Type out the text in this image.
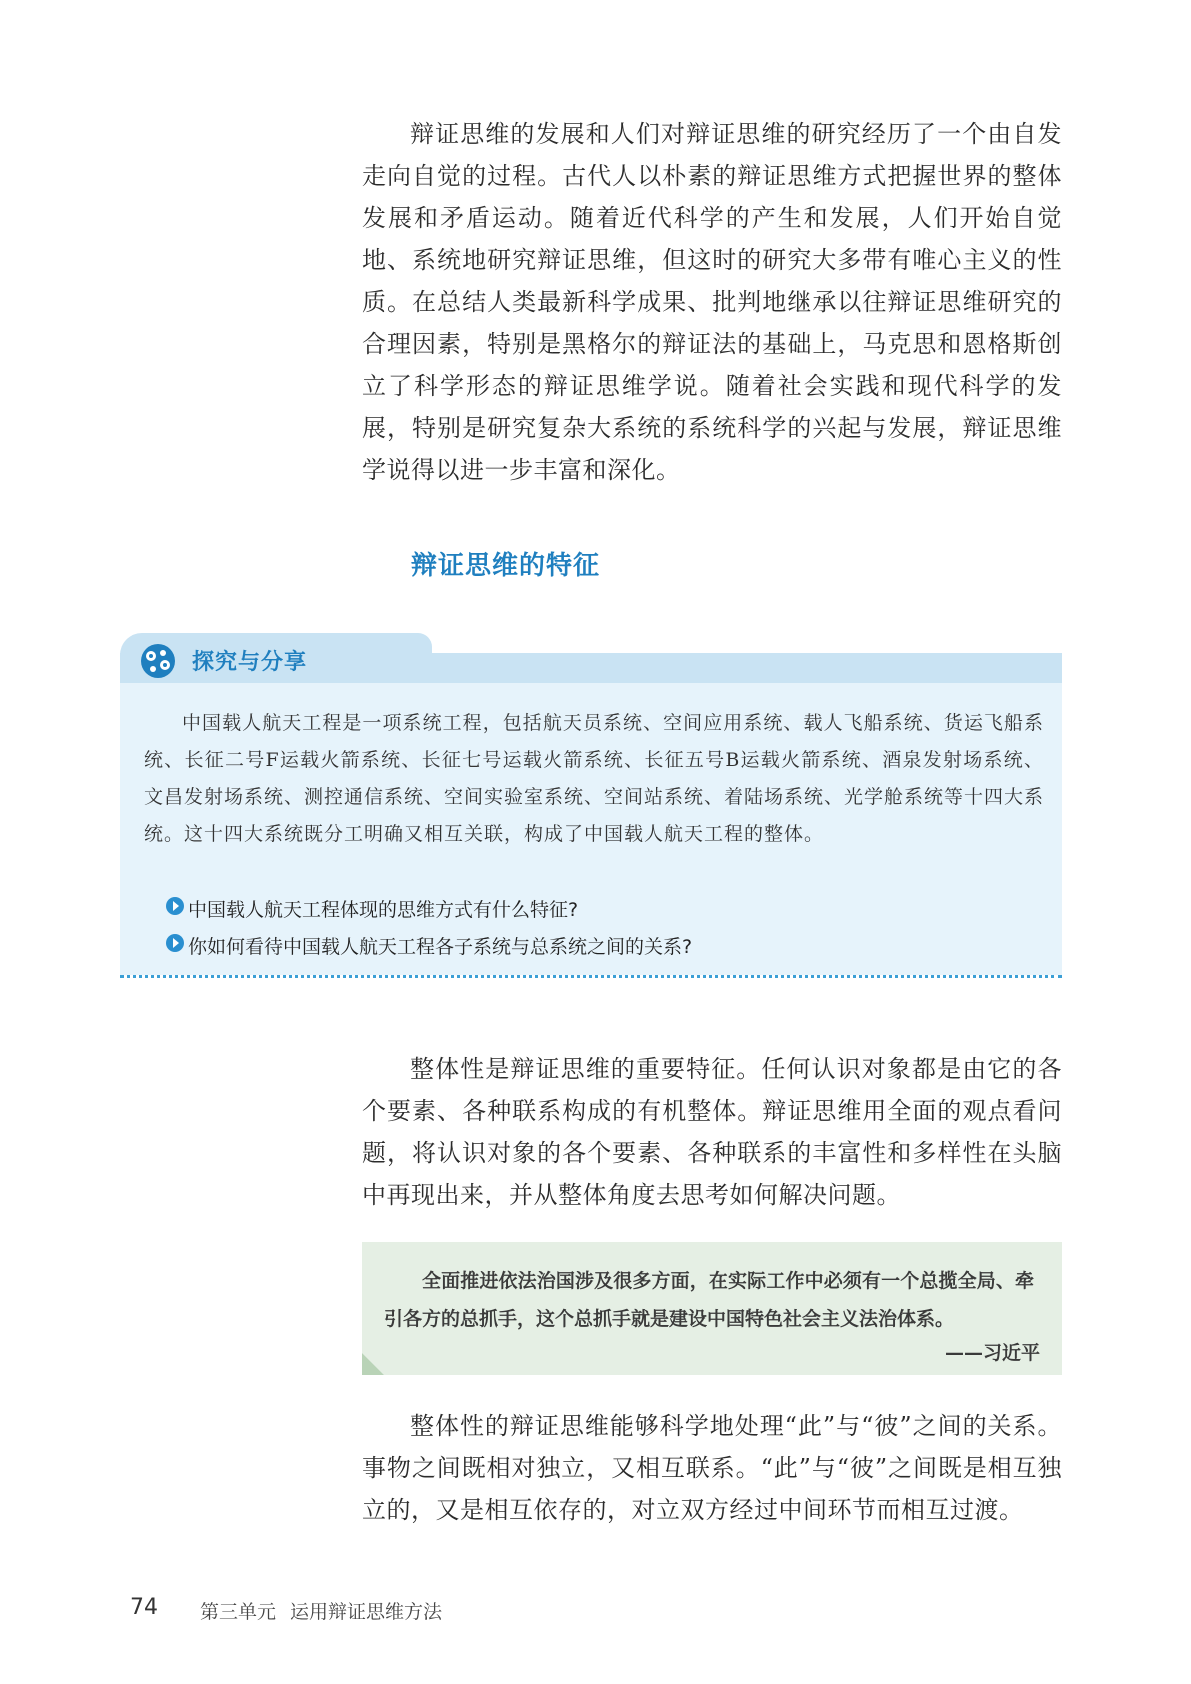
辩证思维的发展和人们对辩证思维的研究经历了一个由自发走向自觉的过程。古代人以朴素的辩证思维方式把握世界的整体发展和矛盾运动。随着近代科学的产生和发展，人们开始自觉地、系统地研究辩证思维，但这时的研究大多带有唯心主义的性质。在总结人类最新科学成果、批判地继承以往辩证思维研究的合理因素，特别是黑格尔的辩证法的基础上，马克思和恩格斯创立了科学形态的辩证思维学说。随着社会实践和现代科学的发展，特别是研究复杂大系统的系统科学的兴起与发展，辩证思维学说得以进一步丰富和深化。

辩证思维的特征
探究与分享

中国载人航天工程是一项系统工程，包括航天员系统、空间应用系统、载人飞船系统、货运飞船系统、长征二号F运载火箭系统、长征七号运载火箭系统、长征五号B运载火箭系统、酒泉发射场系统、文昌发射场系统、测控通信系统、空间实验室系统、空间站系统、着陆场系统、光学舱系统等十四大系统。这十四大系统既分工明确又相互关联，构成了中国载人航天工程的整体。

中国载人航天工程体现的思维方式有什么特征?
你如何看待中国载人航天工程各子系统与总系统之间的关系?

整体性是辩证思维的重要特征。任何认识对象都是由它的各个要素、各种联系构成的有机整体。辩证思维用全面的观点看问题，将认识对象的各个要素、各种联系的丰富性和多样性在头脑中再现出来，并从整体角度去思考如何解决问题。

全面推进依法治国涉及很多方面，在实际工作中必须有一个总揽全局、牵引各方的总抓手，这个总抓手就是建设中国特色社会主义法治体系。

——习近平

整体性的辩证思维能够科学地处理“此”与“彼”之间的关系。事物之间既相对独立，又相互联系。“此”与“彼”之间既是相互独立的，又是相互依存的，对立双方经过中间环节而相互过渡。

74 第三单元 运用辩证思维方法
